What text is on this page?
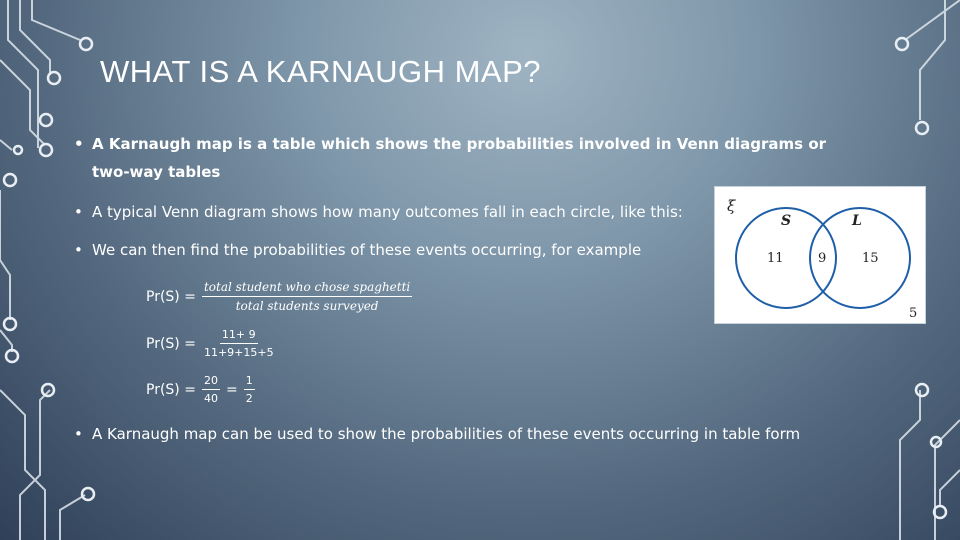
WHAT IS A KARNAUGH MAP?
• A Karnaugh map is a table which shows the probabilities involved in Venn diagrams or two-way tables
• A typical Venn diagram shows how many outcomes fall in each circle, like this:
• We can then find the probabilities of these events occurring, for example
$Pr(S) = \frac{\text{total student who chose spaghetti}}{\text{total students surveyed}}$
$Pr(S) = \frac{11+ 9}{11+9+15+5}$
$Pr(S) = \frac{20}{40} = \frac{1}{2}$
• A Karnaugh map can be used to show the probabilities of these events occurring in table form
ξ
S	L
11	9	15
5
